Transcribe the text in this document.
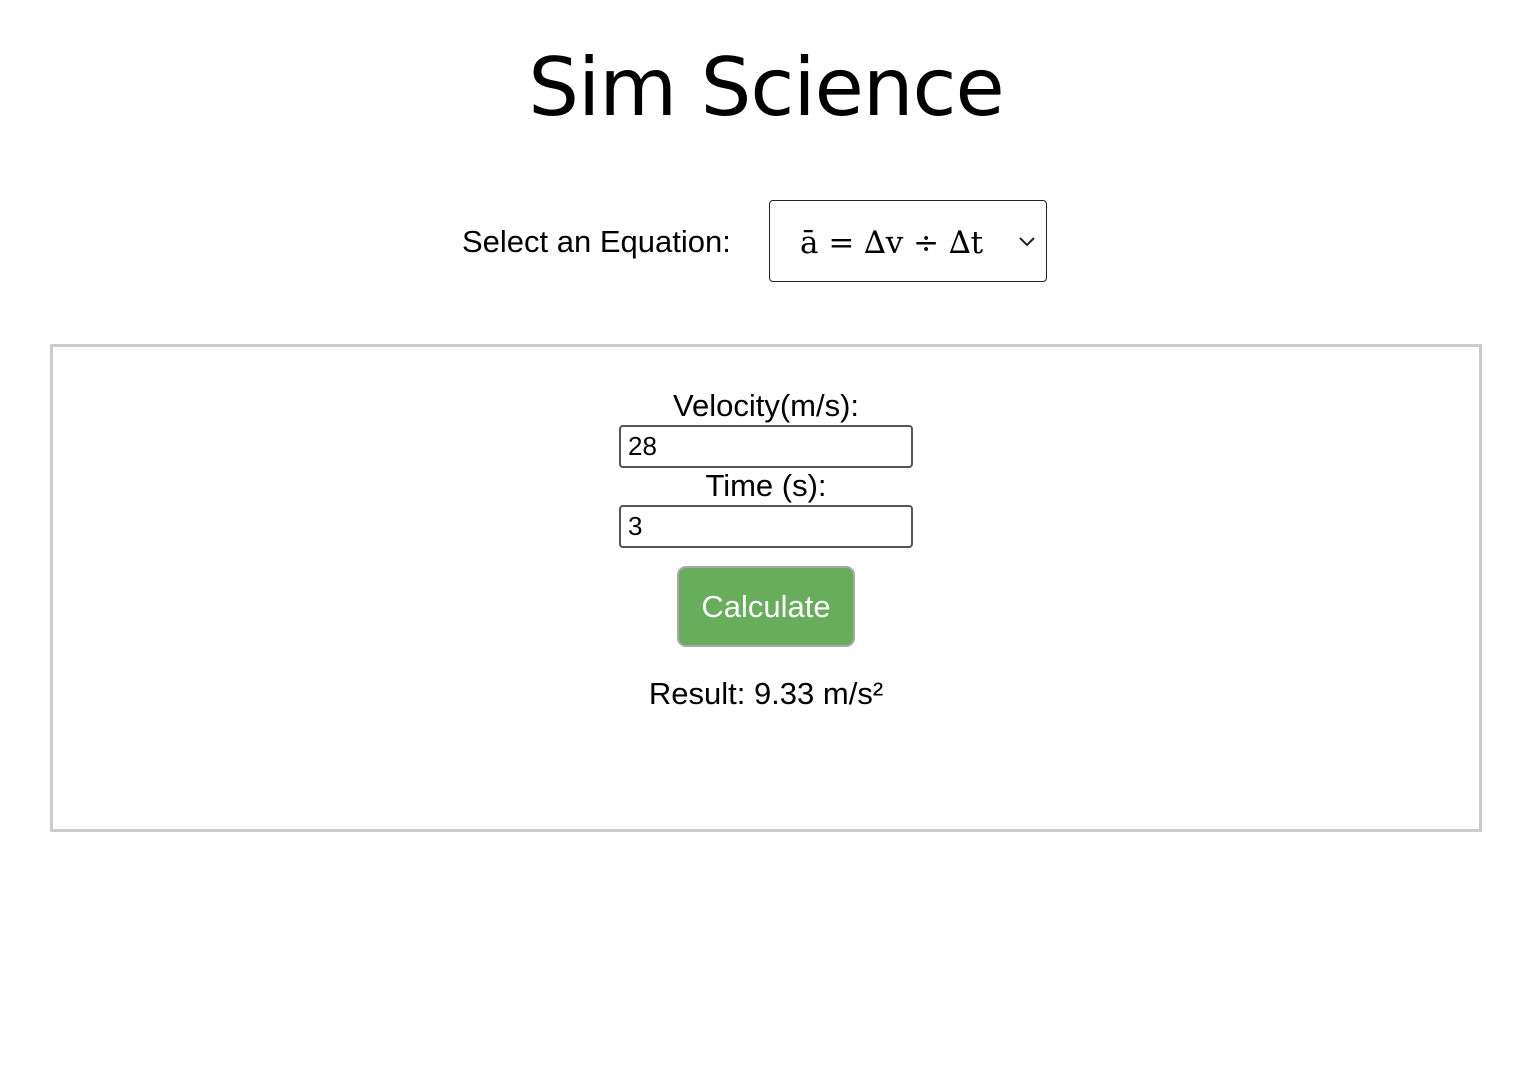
Sim Science
Select an Equation: ā = ∆v ÷ ∆t
Velocity(m/s):
28
Time (s):
3
Calculate
Result: 9.33 m/s²
